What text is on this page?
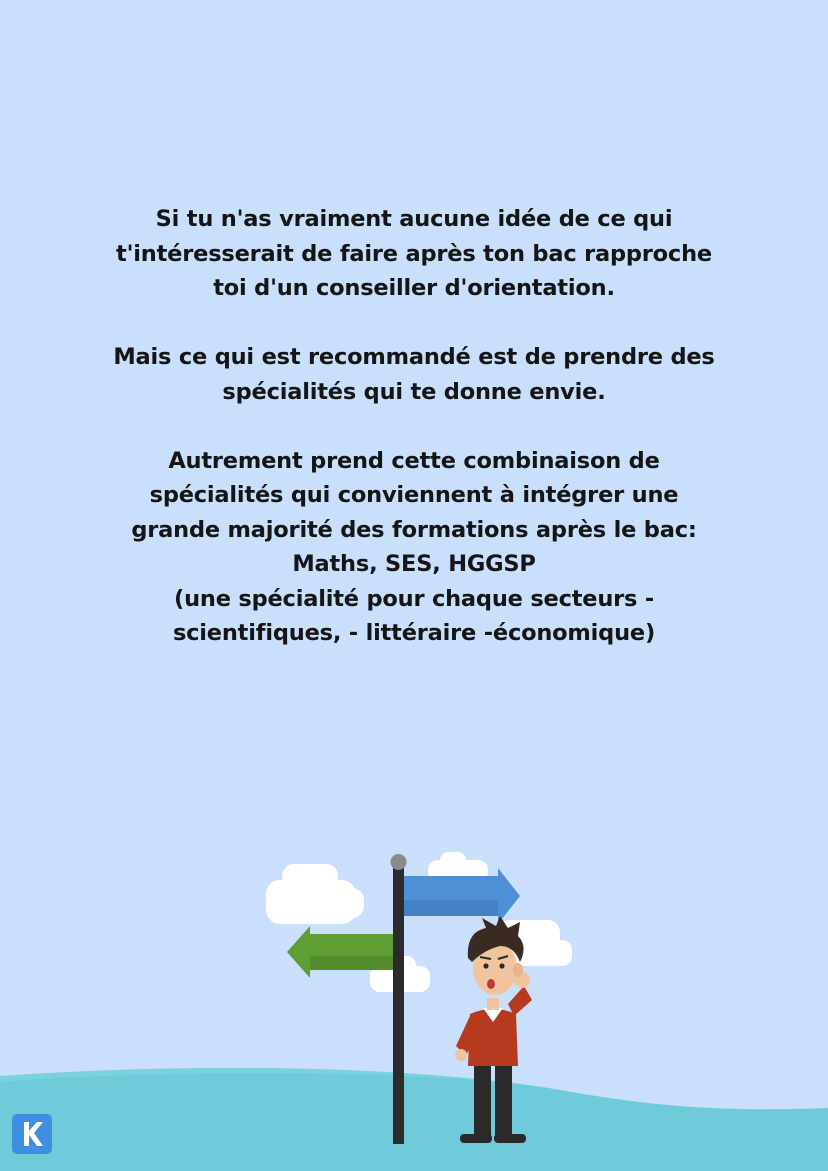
Si tu n'as vraiment aucune idée de ce qui
t'intéresserait de faire après ton bac rapproche
toi d'un conseiller d'orientation.

Mais ce qui est recommandé est de prendre des
spécialités qui te donne envie.

Autrement prend cette combinaison de
spécialités qui conviennent à intégrer une
grande majorité des formations après le bac:
Maths, SES, HGGSP
(une spécialité pour chaque secteurs -
scientifiques, - littéraire -économique)
